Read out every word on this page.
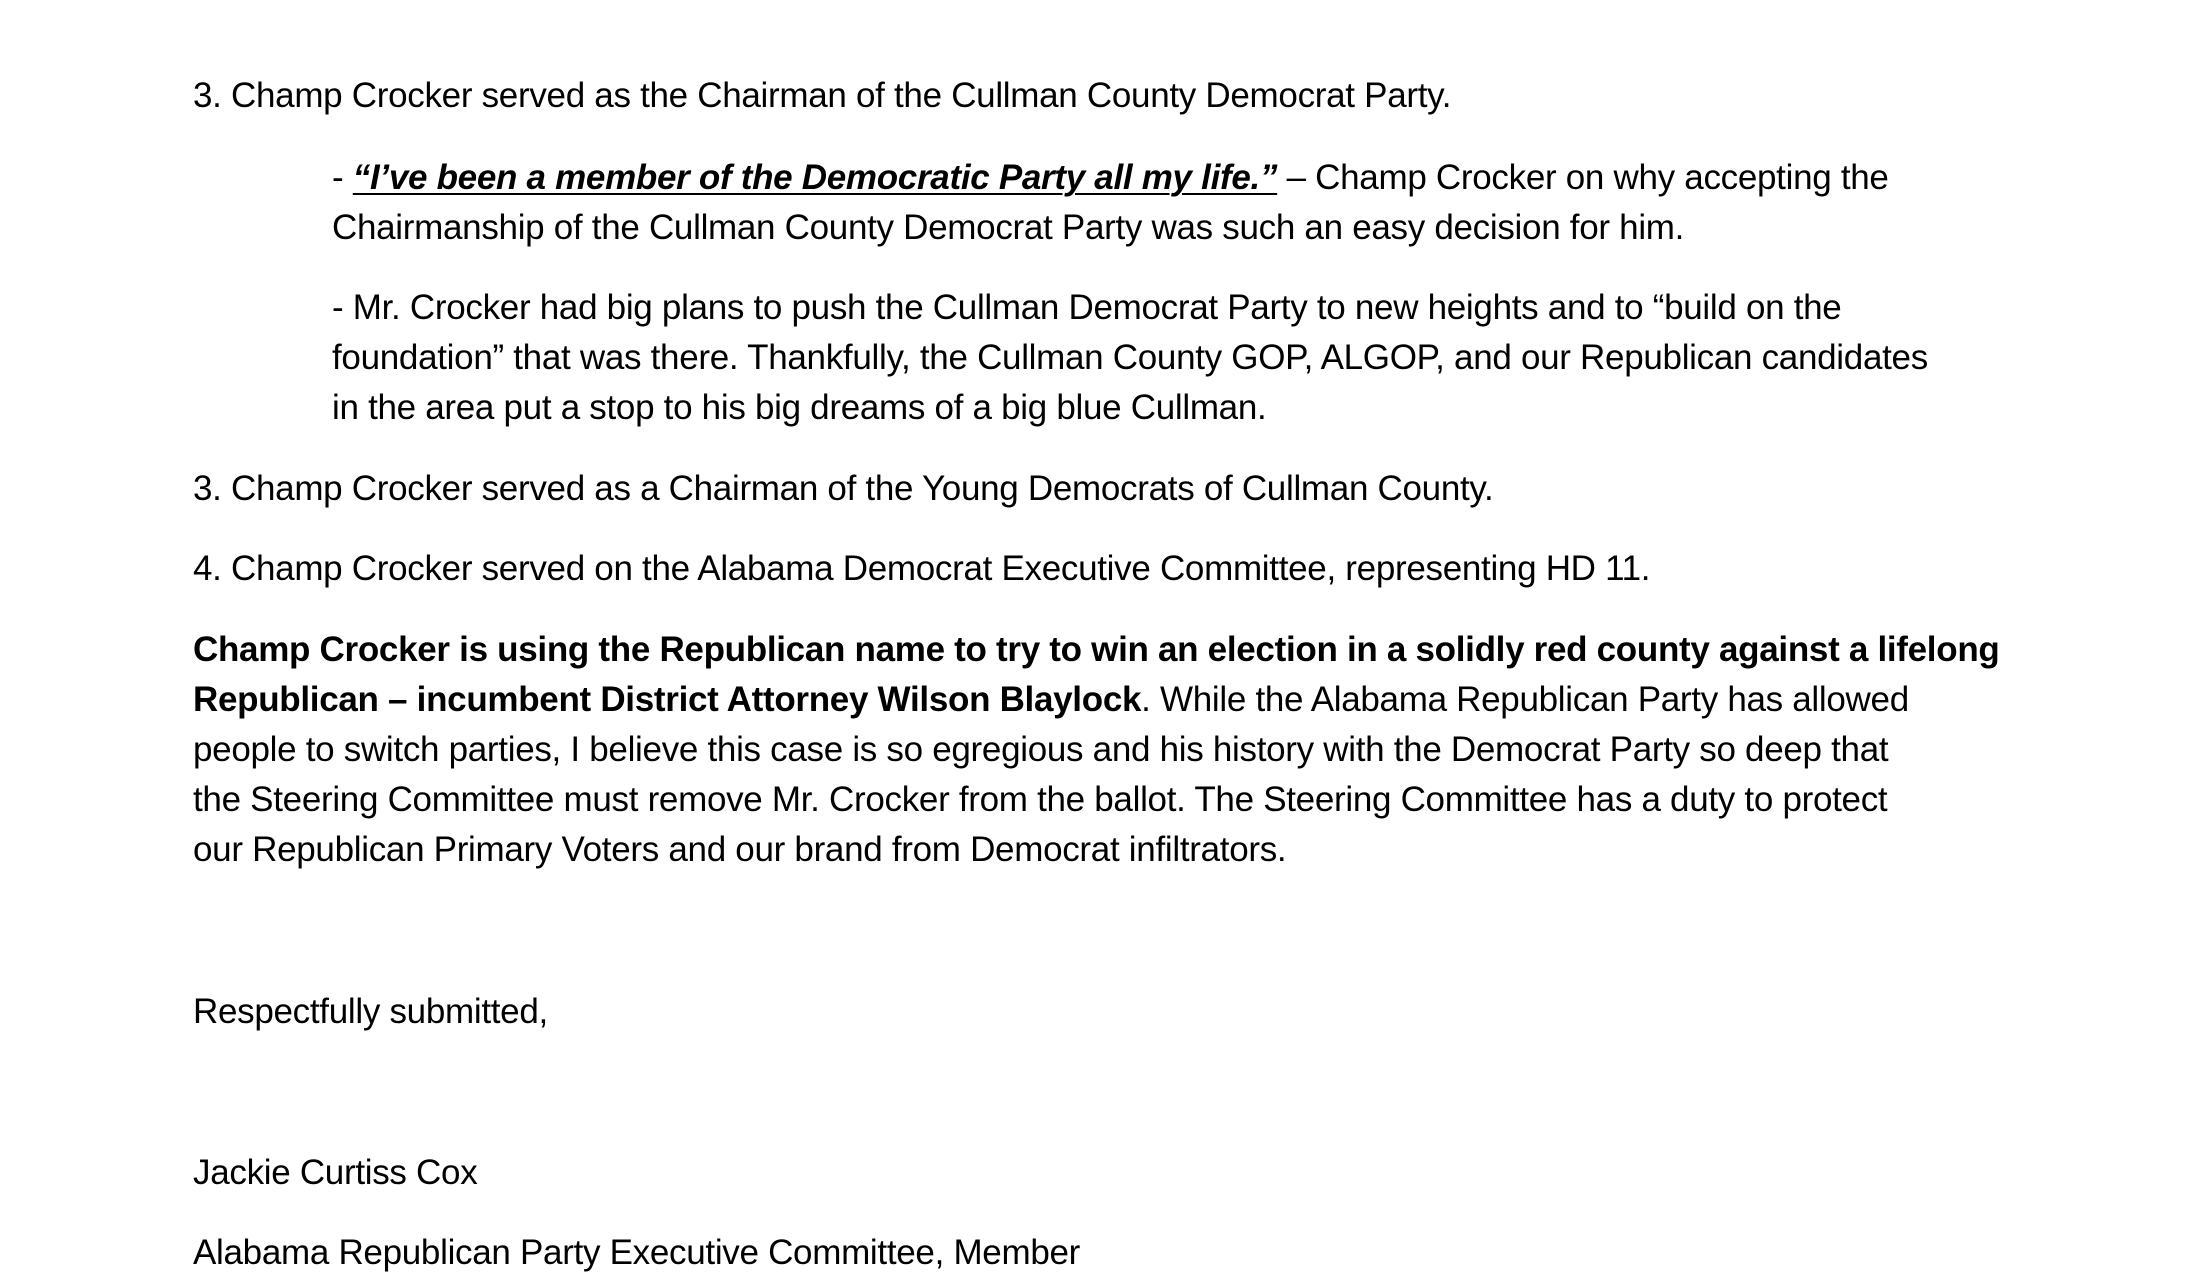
3. Champ Crocker served as the Chairman of the Cullman County Democrat Party.

- “I’ve been a member of the Democratic Party all my life.” – Champ Crocker on why accepting the

Chairmanship of the Cullman County Democrat Party was such an easy decision for him.

- Mr. Crocker had big plans to push the Cullman Democrat Party to new heights and to “build on the

foundation” that was there. Thankfully, the Cullman County GOP, ALGOP, and our Republican candidates

in the area put a stop to his big dreams of a big blue Cullman.

3. Champ Crocker served as a Chairman of the Young Democrats of Cullman County.

4. Champ Crocker served on the Alabama Democrat Executive Committee, representing HD 11.

Champ Crocker is using the Republican name to try to win an election in a solidly red county against a lifelong

Republican – incumbent District Attorney Wilson Blaylock. While the Alabama Republican Party has allowed

people to switch parties, I believe this case is so egregious and his history with the Democrat Party so deep that

the Steering Committee must remove Mr. Crocker from the ballot. The Steering Committee has a duty to protect

our Republican Primary Voters and our brand from Democrat infiltrators.

Respectfully submitted,

Jackie Curtiss Cox

Alabama Republican Party Executive Committee, Member
